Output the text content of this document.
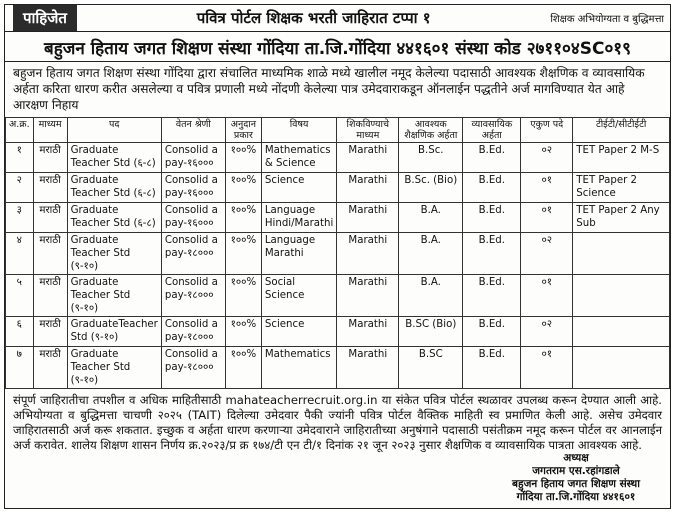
पाहिजेत	पवित्र पोर्टल शिक्षक भरती जाहिरात टप्पा १	शिक्षक अभियोग्यता व बुद्धिमत्ता
बहुजन हिताय जगत शिक्षण संस्था गोंदिया ता.जि.गोंदिया ४४१६०१ संस्था कोड २७११०४SC०१९
बहुजन हिताय जगत शिक्षण संस्था गोंदिया द्वारा संचालित माध्यमिक शाळे मध्ये खालील नमूद केलेल्या पदासाठी आवश्यक शैक्षणिक व व्यावसायिक अर्हता करिता धारण करीत असलेल्या व पवित्र प्रणाली मध्ये नोंदणी केलेल्या पात्र उमेदवाराकडून ऑनलाईन पद्धतीने अर्ज मागविण्यात येत आहे आरक्षण निहाय
अ.क्र.	माध्यम	पद	वेतन श्रेणी	अनुदान प्रकार	विषय	शिकविण्याचे माध्यम	आवश्यक शैक्षणिक अर्हता	व्यावसायिक अर्हता	एकुण पदे	टीईटी/सीटीईटी
१	मराठी	Graduate Teacher Std (६-८)	Consolid a pay-१६०००	१००%	Mathematics & Science	Marathi	B.Sc.	B.Ed.	०२	TET Paper 2 M-S
२	मराठी	Graduate Teacher Std (६-८)	Consolid a pay-१६०००	१००%	Science	Marathi	B.Sc. (Bio)	B.Ed.	०१	TET Paper 2 Science
३	मराठी	Graduate Teacher Std (६-८)	Consolid a pay-१६०००	१००%	Language Hindi/Marathi	Marathi	B.A.	B.Ed.	०१	TET Paper 2 Any Sub
४	मराठी	Graduate Teacher Std (९-१०)	Consolid a pay-१८०००	१००%	Language Marathi	Marathi	B.A.	B.Ed.	०२	
५	मराठी	Graduate Teacher Std (९-१०)	Consolid a pay-१८०००	१००%	Social Science	Marathi	B.A.	B.Ed.	०१	
६	मराठी	GraduateTeacher Std (९-१०)	Consolid a pay-१८०००	१००%	Science	Marathi	B.SC (Bio)	B.Ed.	०२	
७	मराठी	Graduate Teacher Std (९-१०)	Consolid a pay-१८०००	१००%	Mathematics	Marathi	B.SC	B.Ed.	०१	
संपूर्ण जाहिरातीचा तपशील व अधिक माहितीसाठी mahateacherrecruit.org.in या संकेत पवित्र पोर्टल स्थळावर उपलब्ध करून देण्यात आली आहे. अभियोग्यता व बुद्धिमत्ता चाचणी २०२५ (TAIT) दिलेल्या उमेदवार पैकी ज्यांनी पवित्र पोर्टल वैक्तिक माहिती स्व प्रमाणित केली आहे. असेच उमेदवार जाहिरातसाठी अर्ज करू शकतात. इच्छुक व अर्हता धारण करणाऱ्या उमेदवाराने जाहिरातीच्या अनुषंगाने पदासाठी पसंतीक्रम नमूद करून पोर्टल वर आनलाईन अर्ज करावेत. शालेय शिक्षण शासन निर्णय क्र.२०२३/प्र क्र १७४/टी एन टी/१ दिनांक २१ जून २०२३ नुसार शैक्षणिक व व्यावसायिक पात्रता आवश्यक आहे.
अध्यक्ष
जगतराम एस.रहांगडाले
बहुजन हिताय जगत शिक्षण संस्था
गोंदिया ता.जि.गोंदिया ४४१६०१
